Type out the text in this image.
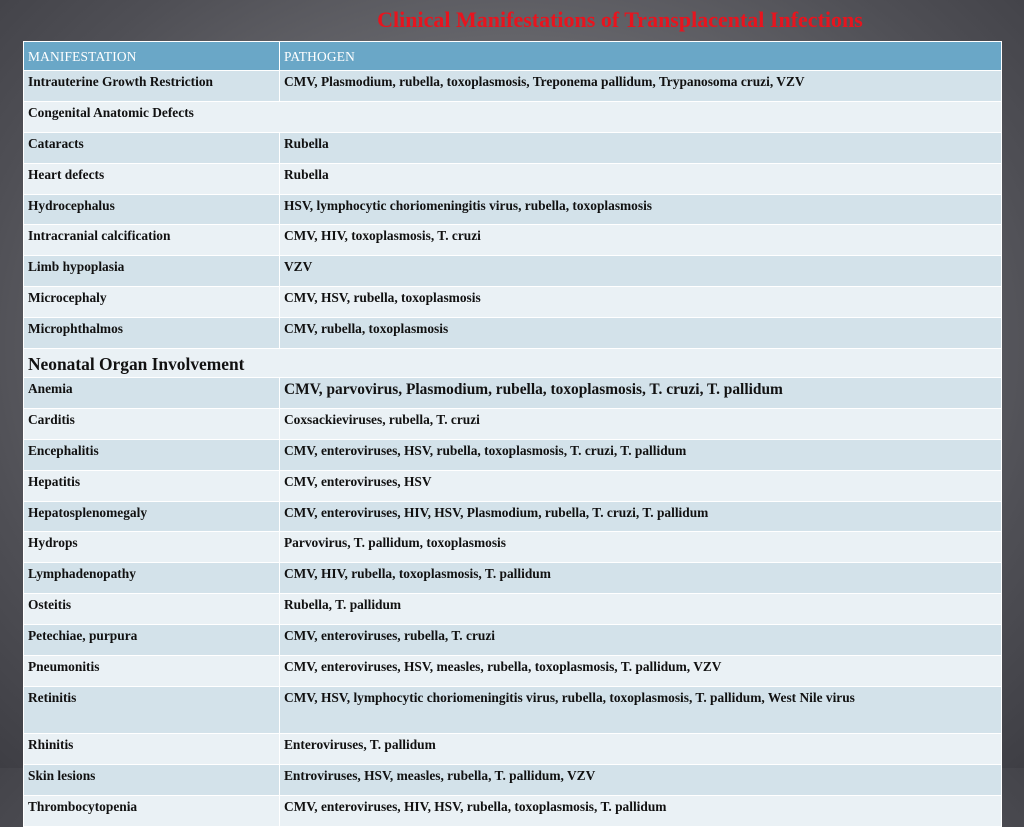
Clinical Manifestations of Transplacental Infections
MANIFESTATION	PATHOGEN
Intrauterine Growth Restriction	CMV, Plasmodium, rubella, toxoplasmosis, Treponema pallidum, Trypanosoma cruzi, VZV
Congenital Anatomic Defects	
Cataracts	Rubella
Heart defects	Rubella
Hydrocephalus	HSV, lymphocytic choriomeningitis virus, rubella, toxoplasmosis
Intracranial calcification	CMV, HIV, toxoplasmosis, T. cruzi
Limb hypoplasia	VZV
Microcephaly	CMV, HSV, rubella, toxoplasmosis
Microphthalmos	CMV, rubella, toxoplasmosis
Neonatal Organ Involvement	
Anemia	CMV, parvovirus, Plasmodium, rubella, toxoplasmosis, T. cruzi, T. pallidum
Carditis	Coxsackieviruses, rubella, T. cruzi
Encephalitis	CMV, enteroviruses, HSV, rubella, toxoplasmosis, T. cruzi, T. pallidum
Hepatitis	CMV, enteroviruses, HSV
Hepatosplenomegaly	CMV, enteroviruses, HIV, HSV, Plasmodium, rubella, T. cruzi, T. pallidum
Hydrops	Parvovirus, T. pallidum, toxoplasmosis
Lymphadenopathy	CMV, HIV, rubella, toxoplasmosis, T. pallidum
Osteitis	Rubella, T. pallidum
Petechiae, purpura	CMV, enteroviruses, rubella, T. cruzi
Pneumonitis	CMV, enteroviruses, HSV, measles, rubella, toxoplasmosis, T. pallidum, VZV
Retinitis	CMV, HSV, lymphocytic choriomeningitis virus, rubella, toxoplasmosis, T. pallidum, West Nile virus
Rhinitis	Enteroviruses, T. pallidum
Skin lesions	Entroviruses, HSV, measles, rubella, T. pallidum, VZV
Thrombocytopenia	CMV, enteroviruses, HIV, HSV, rubella, toxoplasmosis, T. pallidum
